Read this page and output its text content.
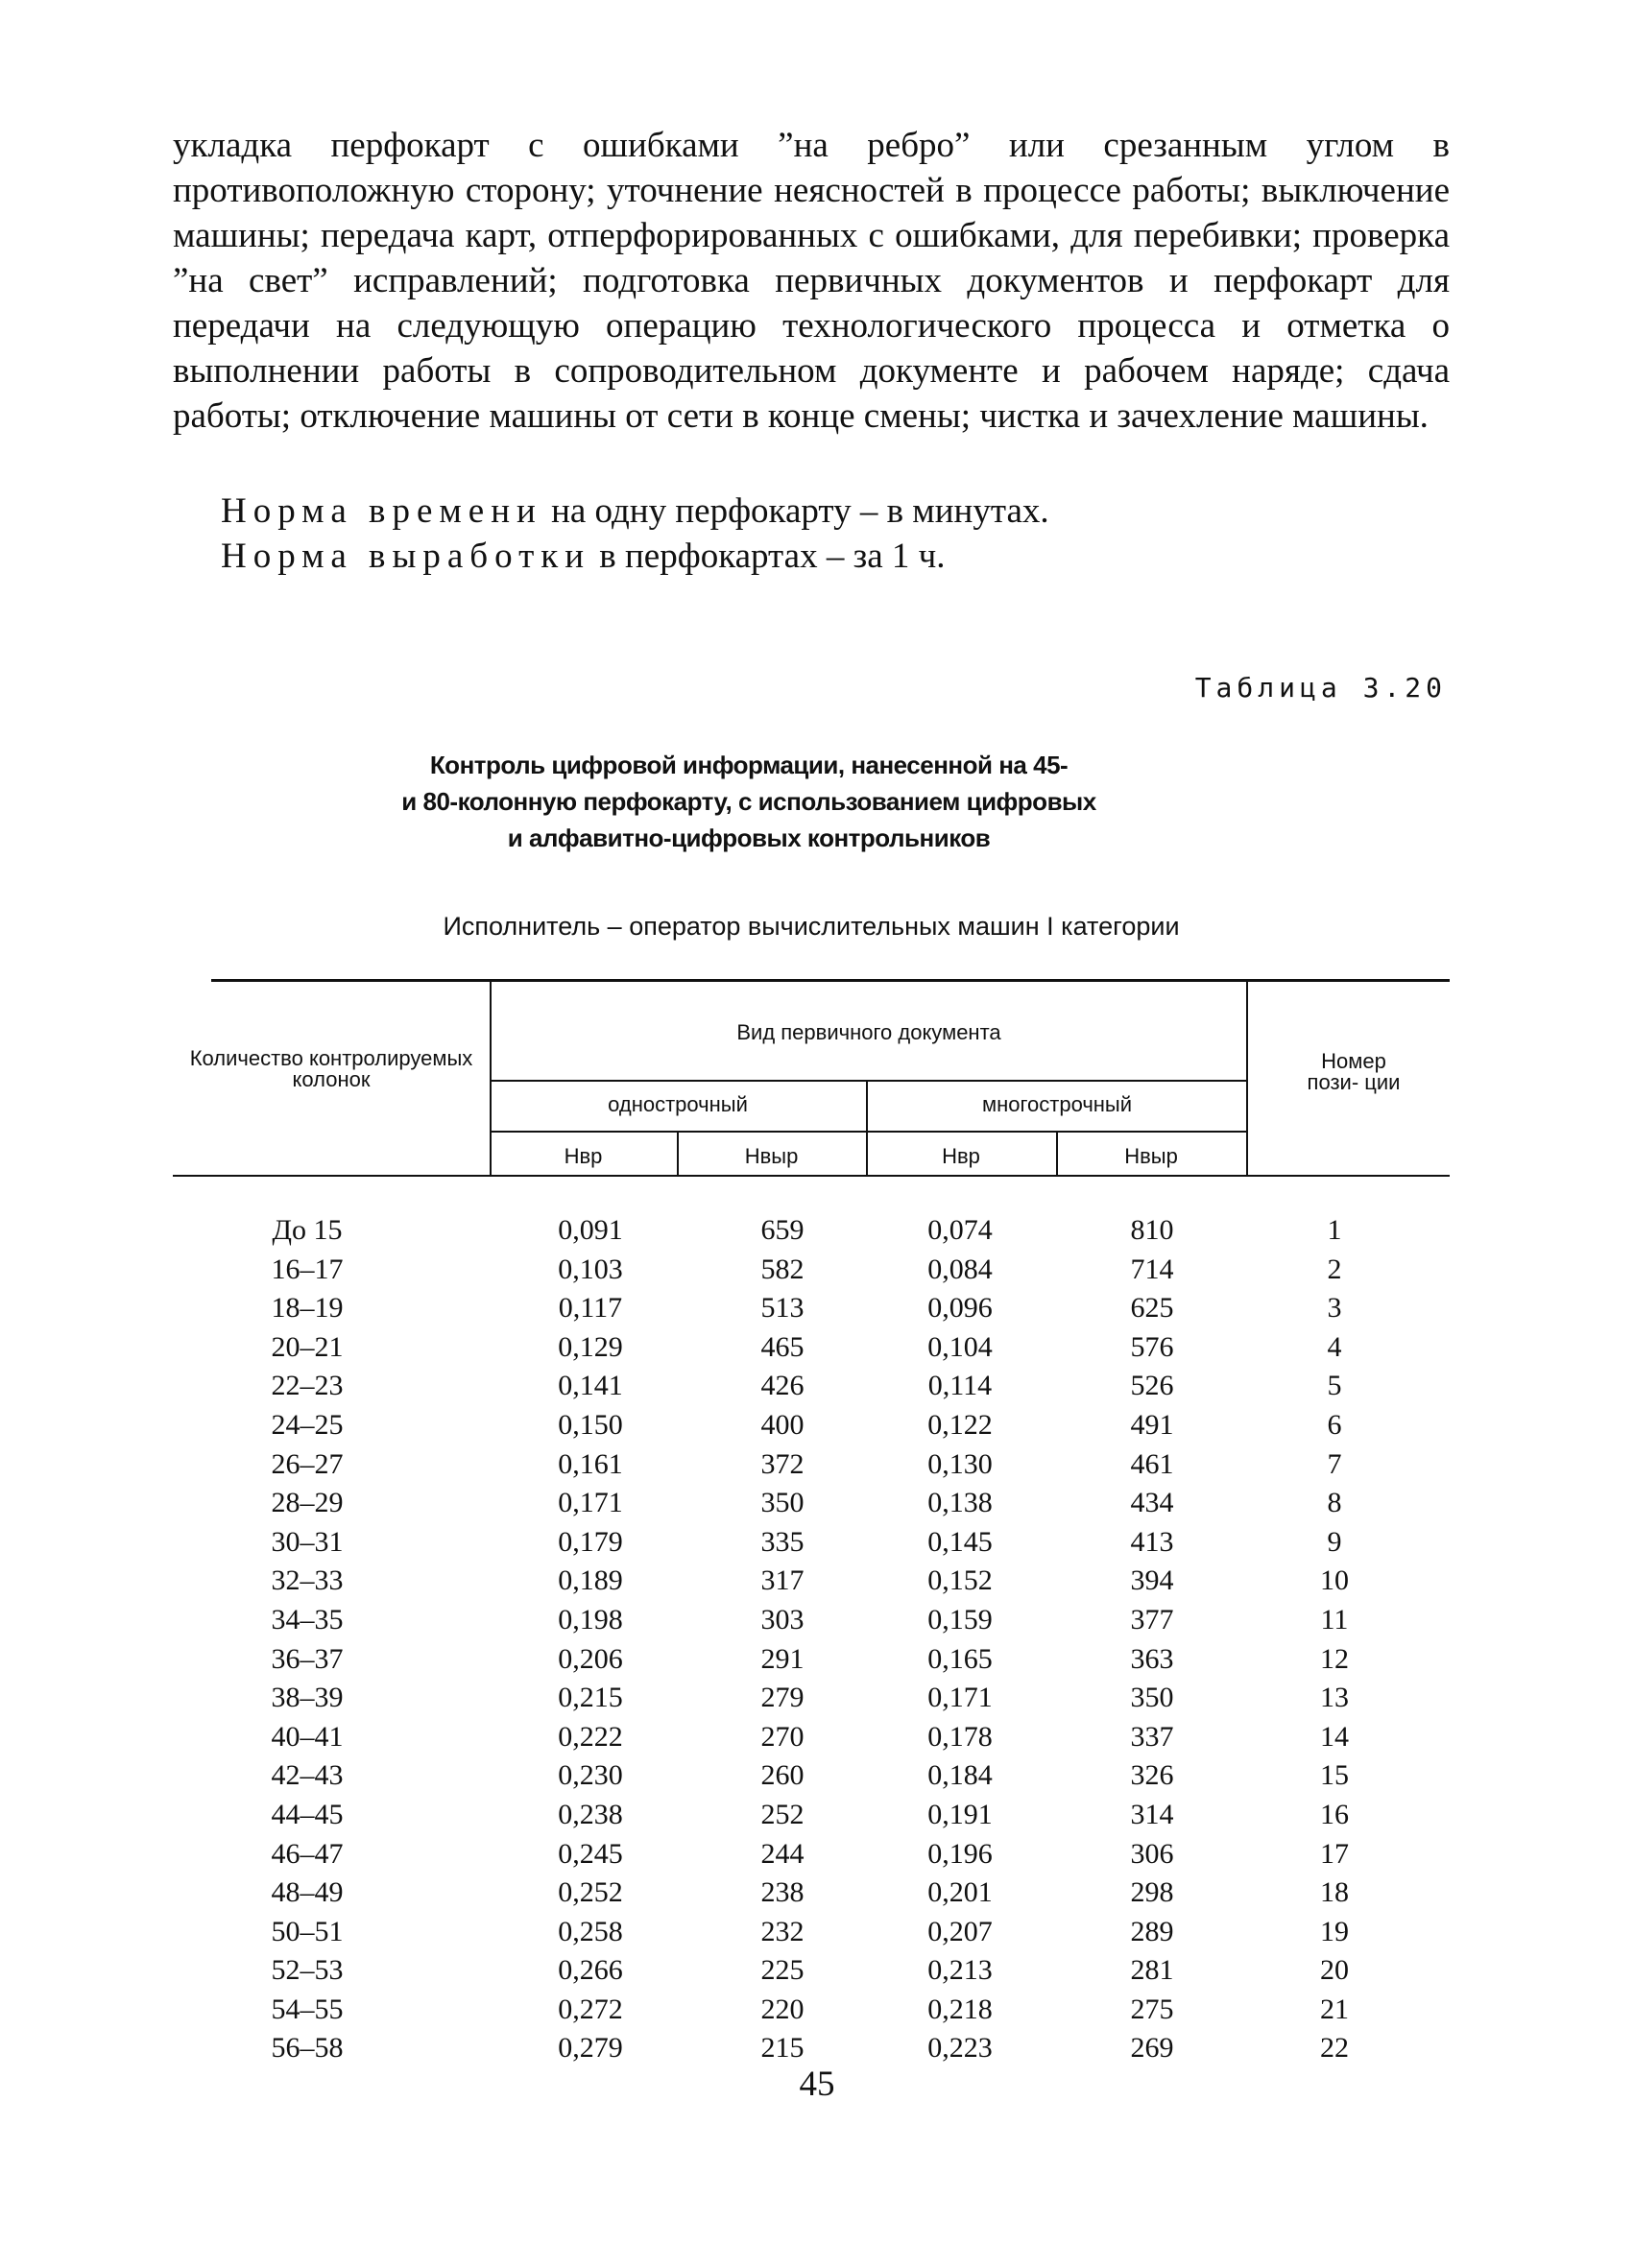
укладка перфокарт с ошибками ”на ребро” или срезанным углом в противоположную сторону; уточнение неясностей в процессе работы; выключение машины; передача карт, отперфорированных с ошибками, для перебивки; проверка ”на свет” исправлений; подготовка первичных документов и перфокарт для передачи на следующую операцию технологического процесса и отметка о выполнении работы в сопроводительном документе и рабочем наряде; сдача работы; отключение машины от сети в конце смены; чистка и зачехление машины.

Норма времени на одну перфокарту – в минутах.
Норма выработки в перфокартах – за 1 ч.
Таблица 3.20
Контроль цифровой информации, нанесенной на 45-
и 80-колонную перфокарту, с использованием цифровых
и алфавитно-цифровых контрольников
Исполнитель – оператор вычислительных машин I категории
Количество контролируемых колонок
Вид первичного документа
однострочный	многострочный
Нвр	Нвыр	Нвр	Нвыр
Номер пози- ции
До 15	0,091	659	0,074	810	1
16–17	0,103	582	0,084	714	2
18–19	0,117	513	0,096	625	3
20–21	0,129	465	0,104	576	4
22–23	0,141	426	0,114	526	5
24–25	0,150	400	0,122	491	6
26–27	0,161	372	0,130	461	7
28–29	0,171	350	0,138	434	8
30–31	0,179	335	0,145	413	9
32–33	0,189	317	0,152	394	10
34–35	0,198	303	0,159	377	11
36–37	0,206	291	0,165	363	12
38–39	0,215	279	0,171	350	13
40–41	0,222	270	0,178	337	14
42–43	0,230	260	0,184	326	15
44–45	0,238	252	0,191	314	16
46–47	0,245	244	0,196	306	17
48–49	0,252	238	0,201	298	18
50–51	0,258	232	0,207	289	19
52–53	0,266	225	0,213	281	20
54–55	0,272	220	0,218	275	21
56–58	0,279	215	0,223	269	22
45
